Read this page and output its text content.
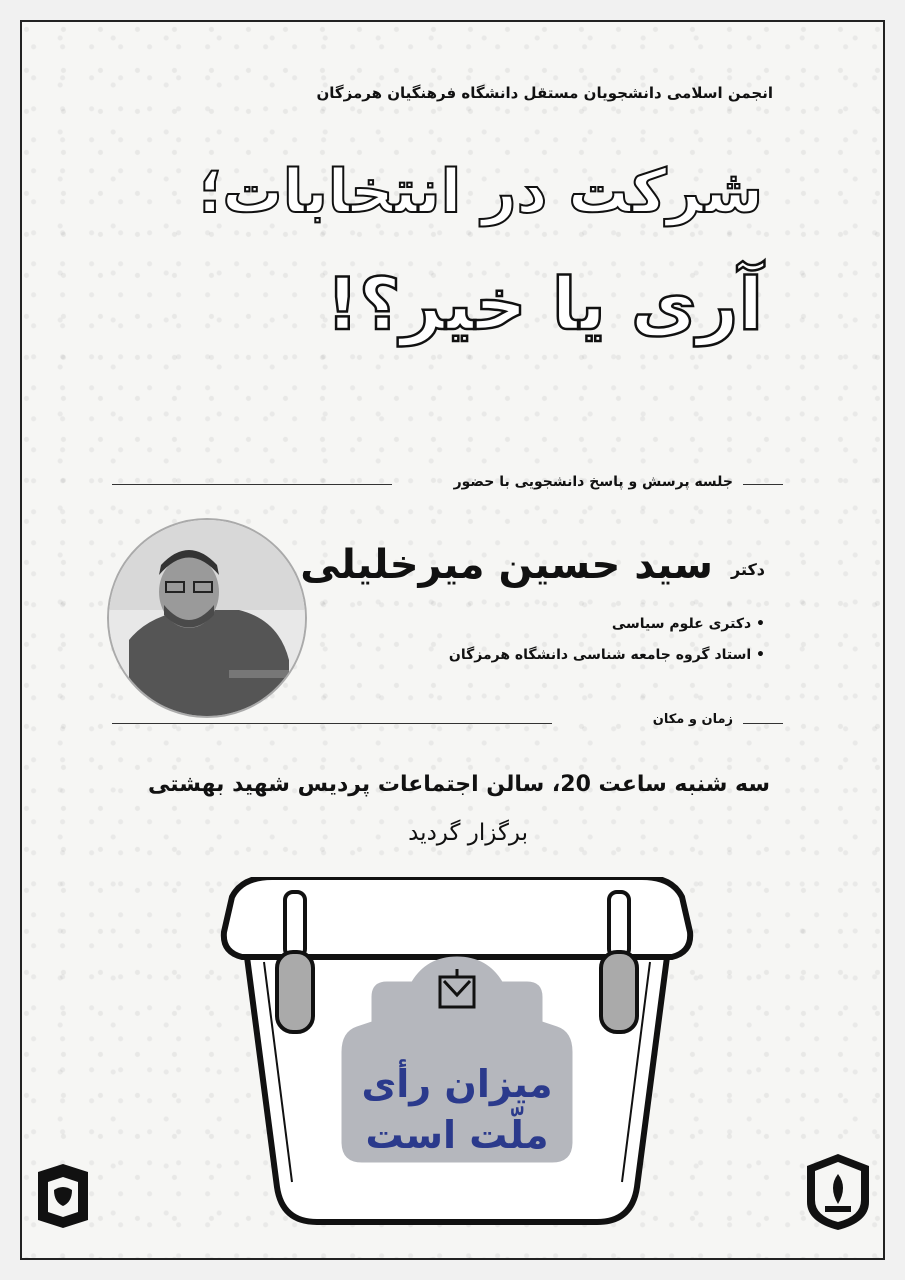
انجمن اسلامی دانشجویان مستقل دانشگاه فرهنگیان هرمزگان
شرکت در انتخابات؛
آری یا خیر؟!
جلسه پرسش و پاسخ دانشجویی با حضور
سید حسین میرخلیلی دکتر
• دکتری علوم سیاسی
• استاد گروه جامعه شناسی دانشگاه هرمزگان
زمان و مکان
سه شنبه ساعت 20، سالن اجتماعات پردیس شهید بهشتی
برگزار گردید
میزان رأی
ملّت است
